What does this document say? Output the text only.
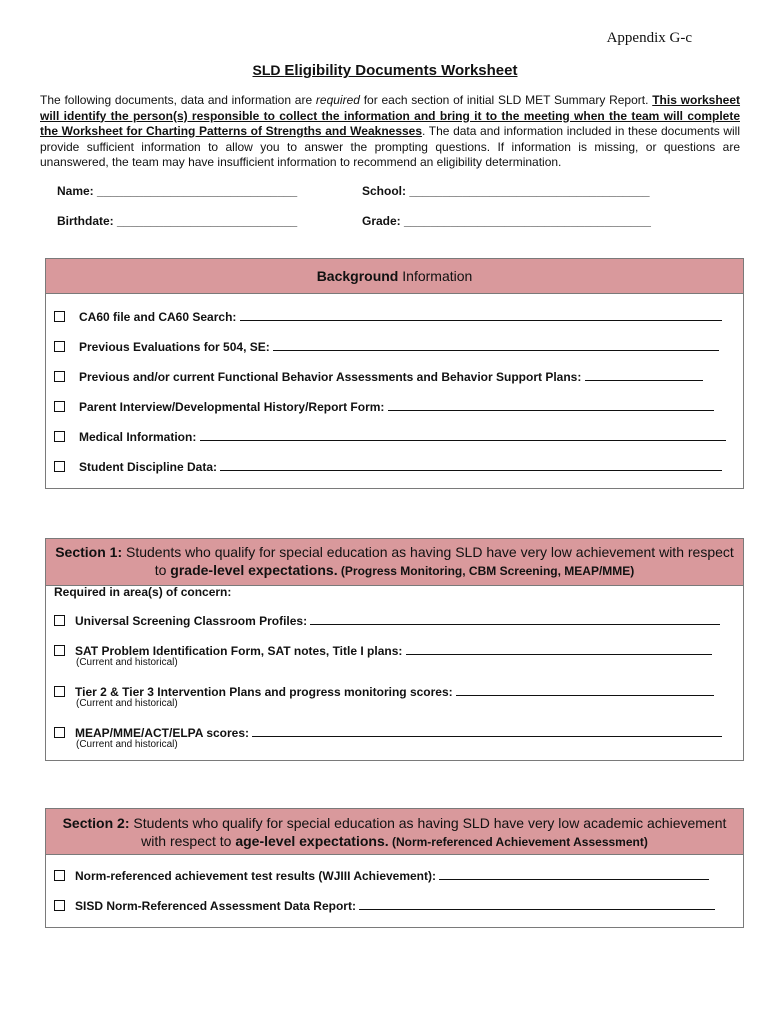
Appendix G-c
SLD Eligibility Documents Worksheet
The following documents, data and information are required for each section of initial SLD MET Summary Report. This worksheet will identify the person(s) responsible to collect the information and bring it to the meeting when the team will complete the Worksheet for Charting Patterns of Strengths and Weaknesses. The data and information included in these documents will provide sufficient information to allow you to answer the prompting questions. If information is missing, or questions are unanswered, the team may have insufficient information to recommend an eligibility determination.
Name: ______________________________	School: ____________________________________
Birthdate: ___________________________	Grade: _____________________________________
Background Information
CA60 file and CA60 Search:
Previous Evaluations for 504, SE:
Previous and/or current Functional Behavior Assessments and Behavior Support Plans:
Parent Interview/Developmental History/Report Form:
Medical Information:
Student Discipline Data:
Section 1: Students who qualify for special education as having SLD have very low achievement with respect
to grade-level expectations. (Progress Monitoring, CBM Screening, MEAP/MME)
Required in area(s) of concern:
Universal Screening Classroom Profiles:
SAT Problem Identification Form, SAT notes, Title I plans:
(Current and historical)
Tier 2 & Tier 3 Intervention Plans and progress monitoring scores:
(Current and historical)
MEAP/MME/ACT/ELPA scores:
(Current and historical)
Section 2: Students who qualify for special education as having SLD have very low academic achievement
with respect to age-level expectations. (Norm-referenced Achievement Assessment)
Norm-referenced achievement test results (WJIII Achievement):
SISD Norm-Referenced Assessment Data Report:
